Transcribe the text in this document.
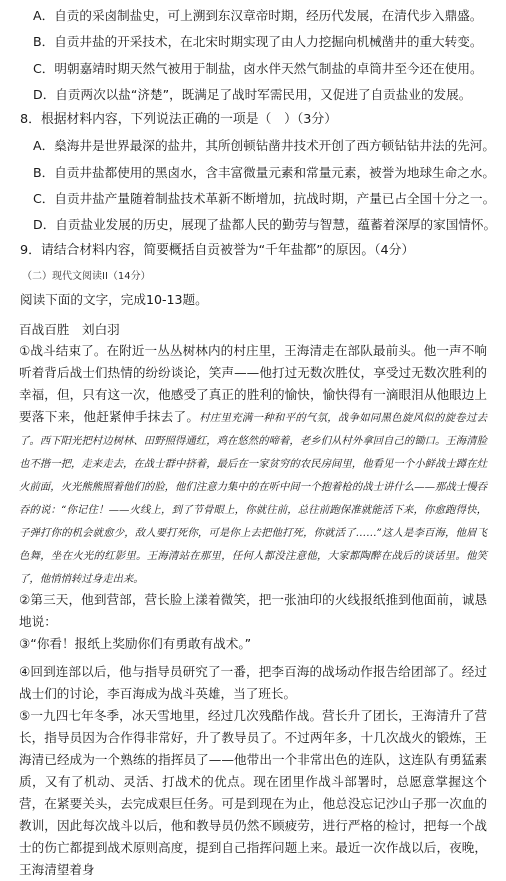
A．自贡的采卤制盐史，可上溯到东汉章帝时期，经历代发展，在清代步入鼎盛。
B．自贡井盐的开采技术，在北宋时期实现了由人力挖掘向机械凿井的重大转变。
C．明朝嘉靖时期天然气被用于制盐，卤水伴天然气制盐的卓筒井至今还在使用。
D．自贡两次以盐“济楚”，既满足了战时军需民用，又促进了自贡盐业的发展。
8．根据材料内容，下列说法正确的一项是（　）（3分）
A．燊海井是世界最深的盐井，其所创顿钻凿井技术开创了西方顿钻钻井法的先河。
B．自贡井盐都使用的黑卤水，含丰富微量元素和常量元素，被誉为地球生命之水。
C．自贡井盐产量随着制盐技术革新不断增加，抗战时期，产量已占全国十分之一。
D．自贡盐业发展的历史，展现了盐都人民的勤劳与智慧，蕴蓄着深厚的家国情怀。
9．请结合材料内容，简要概括自贡被誉为“千年盐都”的原因。（4分）
（二）现代文阅读II（14分）
阅读下面的文字，完成10-13题。
百战百胜　刘白羽
①战斗结束了。在附近一丛丛树林内的村庄里，王海清走在部队最前头。他一声不响听着背后战士们热情的纷纷谈论，笑声——他打过无数次胜仗，享受过无数次胜利的幸福，但，只有这一次，他感受了真正的胜利的愉快，愉快得有一滴眼泪从他眼边上要落下来，他赶紧伸手抹去了。村庄里充满一种和平的气氛，战争如同黑色旋风似的旋卷过去了。西下阳光把村边树林、田野照得通红，鸡在悠然的啼着，老乡们从村外拿回自己的锄口。王海清脸也不揩一把，走来走去，在战士群中挤着，最后在一家贫穷的农民房间里，他看见一个小鲜战士蹲在灶火前面，火光熊熊照着他们的脸，他们注意力集中的在听中间一个抱着枪的战士讲什么——那战士慢吞吞的说：“你记住！——火线上，到了节骨眼上，你就往前，总往前跑保准就能活下来，你愈跑得快，子弹打你的机会就愈少，敌人要打死你，可是你上去把他打死，你就活了……”这人是李百海，他眉飞色舞，坐在火光的红影里。王海清站在那里，任何人都没注意他，大家都陶醉在战后的谈话里。他笑了，他悄悄转过身走出来。
②第三天，他到营部，营长脸上漾着微笑，把一张油印的火线报纸推到他面前，诚恳地说：
③“你看！报纸上奖励你们有勇敢有战术。”
④回到连部以后，他与指导员研究了一番，把李百海的战场动作报告给团部了。经过战士们的讨论，李百海成为战斗英雄，当了班长。
⑤一九四七年冬季，冰天雪地里，经过几次残酷作战。营长升了团长，王海清升了营长，指导员因为合作得非常好，升了教导员了。不过两年多，十几次战火的锻炼，王海清已经成为一个熟练的指挥员了——他带出一个非常出色的连队，这连队有勇猛素质，又有了机动、灵活、打战术的优点。现在团里作战斗部署时，总愿意掌握这个营，在紧要关头，去完成艰巨任务。可是到现在为止，他总没忘记沙山子那一次血的教训，因此每次战斗以后，他和教导员仍然不顾疲劳，进行严格的检讨，把每一个战士的伤亡都提到战术原则高度，提到自己指挥问题上来。最近一次作战以后，夜晚，王海清望着身
